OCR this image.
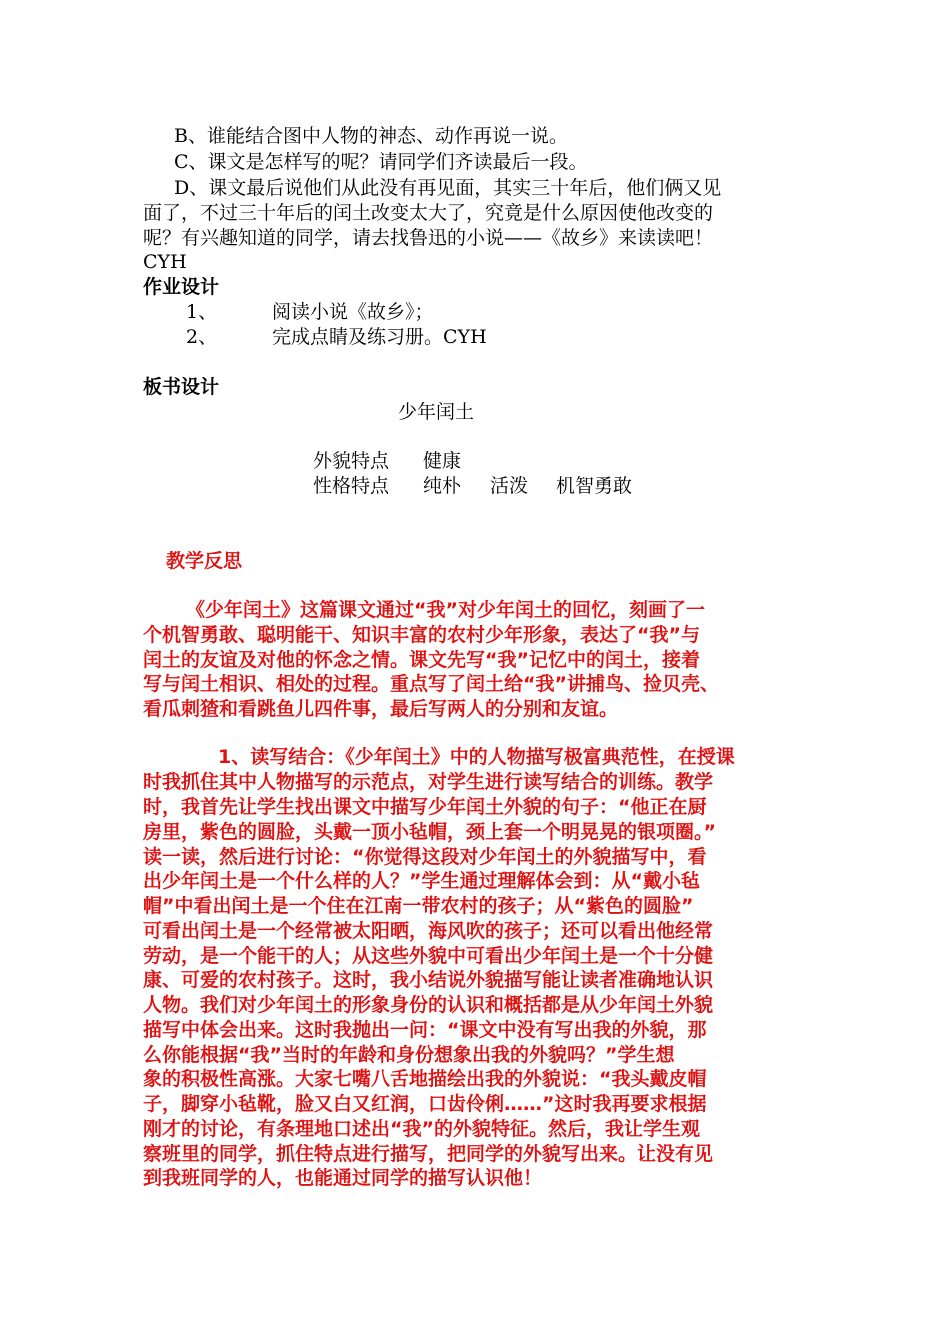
B、谁能结合图中人物的神态、动作再说一说。
C、课文是怎样写的呢？请同学们齐读最后一段。
D、课文最后说他们从此没有再见面，其实三十年后，他们俩又见
面了，不过三十年后的闰土改变太大了，究竟是什么原因使他改变的
呢？有兴趣知道的同学，请去找鲁迅的小说——《故乡》来读读吧！
CYH
作业设计
1、	阅读小说《故乡》；
2、	完成点睛及练习册。CYH
板书设计
少年闰土
外貌特点 健康
性格特点 纯朴 活泼 机智勇敢
教学反思
《少年闰土》这篇课文通过“我”对少年闰土的回忆，刻画了一
个机智勇敢、聪明能干、知识丰富的农村少年形象，表达了“我”与
闰土的友谊及对他的怀念之情。课文先写“我”记忆中的闰土，接着
写与闰土相识、相处的过程。重点写了闰土给“我”讲捕鸟、捡贝壳、
看瓜刺猹和看跳鱼儿四件事，最后写两人的分别和友谊。
1、读写结合：《少年闰土》中的人物描写极富典范性，在授课
时我抓住其中人物描写的示范点，对学生进行读写结合的训练。教学
时，我首先让学生找出课文中描写少年闰土外貌的句子：“他正在厨
房里，紫色的圆脸，头戴一顶小毡帽，颈上套一个明晃晃的银项圈。”
读一读，然后进行讨论：“你觉得这段对少年闰土的外貌描写中，看
出少年闰土是一个什么样的人？”学生通过理解体会到：从“戴小毡
帽”中看出闰土是一个住在江南一带农村的孩子；从“紫色的圆脸”
可看出闰土是一个经常被太阳晒，海风吹的孩子；还可以看出他经常
劳动，是一个能干的人；从这些外貌中可看出少年闰土是一个十分健
康、可爱的农村孩子。这时，我小结说外貌描写能让读者准确地认识
人物。我们对少年闰土的形象身份的认识和概括都是从少年闰土外貌
描写中体会出来。这时我抛出一问：“课文中没有写出我的外貌，那
么你能根据“我”当时的年龄和身份想象出我的外貌吗？”学生想
象的积极性高涨。大家七嘴八舌地描绘出我的外貌说：“我头戴皮帽
子，脚穿小毡靴，脸又白又红润，口齿伶俐……”这时我再要求根据
刚才的讨论，有条理地口述出“我”的外貌特征。然后，我让学生观
察班里的同学，抓住特点进行描写，把同学的外貌写出来。让没有见
到我班同学的人，也能通过同学的描写认识他！
